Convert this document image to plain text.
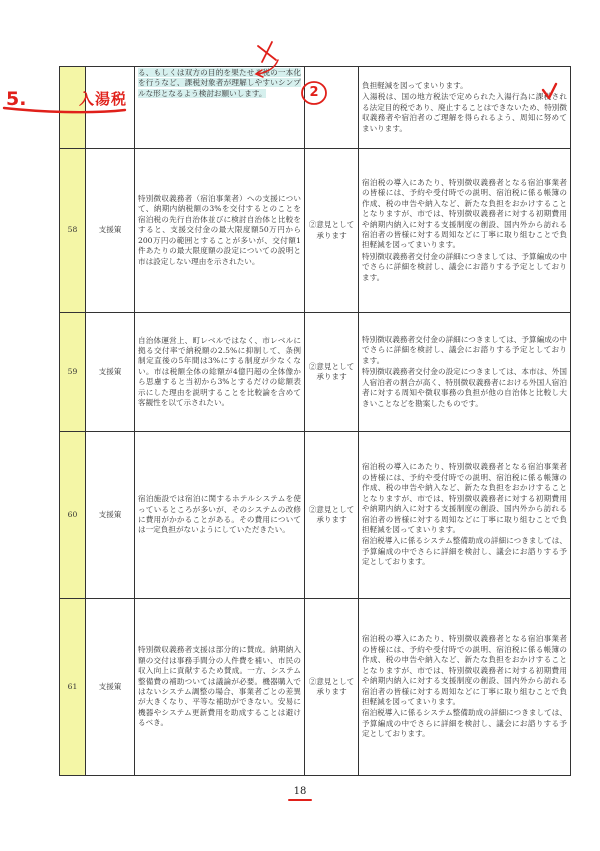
		る、もしくは双方の目的を果たせる税の一本化を行うなど、課税対象者が理解しやすいシンプルな形となるよう検討お願いします。		負担軽減を図ってまいります。
入湯税は、国の地方税法で定められた入湯行為に課税される法定目的税であり、廃止することはできないため、特別徴収義務者や宿泊者のご理解を得られるよう、周知に努めてまいります。

58	支援策	特別徴収義務者（宿泊事業者）への支援について、納期内納税額の3%を交付するとのことを宿泊税の先行自治体並びに検討自治体と比較をすると、支援交付金の最大限度額50万円から200万円の範囲とすることが多いが、交付額1件あたりの最大限度額の設定についての説明と市は設定しない理由を示されたい。	②意見として承ります	宿泊税の導入にあたり、特別徴収義務者となる宿泊事業者の皆様には、予約や受付時での説明、宿泊税に係る帳簿の作成、税の申告や納入など、新たな負担をおかけすることとなりますが、市では、特別徴収義務者に対する初期費用や納期内納入に対する支援制度の創設、国内外から訪れる宿泊者の皆様に対する周知などに丁寧に取り組むことで負担軽減を図ってまいります。
特別徴収義務者交付金の詳細につきましては、予算編成の中でさらに詳細を検討し、議会にお諮りする予定としております。

59	支援策	自治体運営上、町レベルではなく、市レベルに拠る交付率で納税額の2.5%に抑制して、条例制定直後の5年間は3%にする制度が少なくない。市は税額全体の総額が4億円超の全体像から思慮すると当初から3%とするだけの総額表示にした理由を説明することを比較論を含めて客観性を以て示されたい。	②意見として承ります	特別徴収義務者交付金の詳細につきましては、予算編成の中でさらに詳細を検討し、議会にお諮りする予定としております。
特別徴収義務者交付金の設定につきましては、本市は、外国人宿泊者の割合が高く、特別徴収義務者における外国人宿泊者に対する周知や徴収事務の負担が他の自治体と比較し大きいことなどを勘案したものです。

60	支援策	宿泊施設では宿泊に関するホテルシステムを使っているところが多いが、そのシステムの改修に費用がかかることがある。その費用については一定負担がないようにしていただきたい。	②意見として承ります	宿泊税の導入にあたり、特別徴収義務者となる宿泊事業者の皆様には、予約や受付時での説明、宿泊税に係る帳簿の作成、税の申告や納入など、新たな負担をおかけすることとなりますが、市では、特別徴収義務者に対する初期費用や納期内納入に対する支援制度の創設、国内外から訪れる宿泊者の皆様に対する周知などに丁寧に取り組むことで負担軽減を図ってまいります。
宿泊税導入に係るシステム整備助成の詳細につきましては、予算編成の中でさらに詳細を検討し、議会にお諮りする予定としております。

61	支援策	特別徴収義務者支援は部分的に賛成。納期納入額の交付は事務手間分の人件費を補い、市民の収入向上に貢献するため賛成。一方、システム整備費の補助ついては議論が必要。機器購入ではないシステム調整の場合、事業者ごとの差異が大きくなり、平等な補助ができない。安易に機器やシステム更新費用を助成することは避けるべき。	②意見として承ります	宿泊税の導入にあたり、特別徴収義務者となる宿泊事業者の皆様には、予約や受付時での説明、宿泊税に係る帳簿の作成、税の申告や納入など、新たな負担をおかけすることとなりますが、市では、特別徴収義務者に対する初期費用や納期内納入に対する支援制度の創設、国内外から訪れる宿泊者の皆様に対する周知などに丁寧に取り組むことで負担軽減を図ってまいります。
宿泊税導入に係るシステム整備助成の詳細につきましては、予算編成の中でさらに詳細を検討し、議会にお諮りする予定としております。
18
5.	入湯税	2
